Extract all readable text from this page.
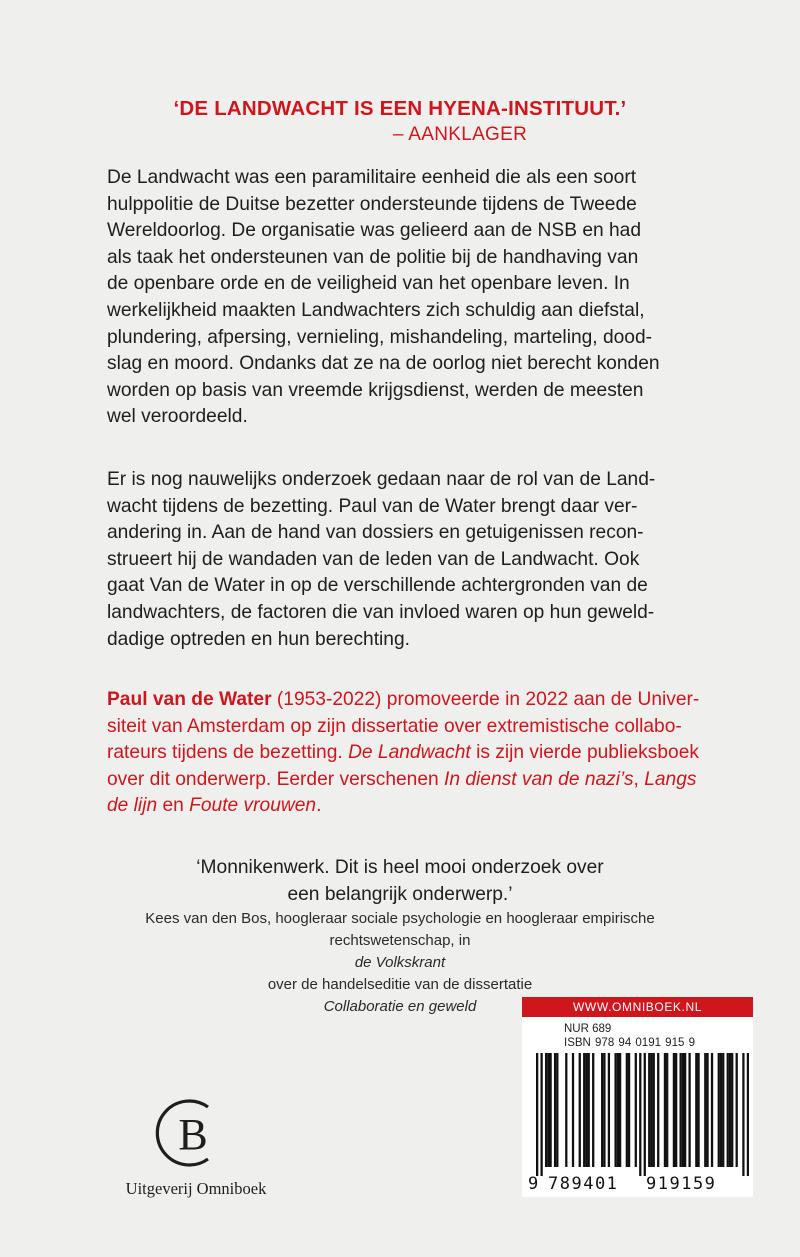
‘DE LANDWACHT IS EEN HYENA-INSTITUUT.’
– AANKLAGER

De Landwacht was een paramilitaire eenheid die als een soort
hulppolitie de Duitse bezetter ondersteunde tijdens de Tweede
Wereldoorlog. De organisatie was gelieerd aan de NSB en had
als taak het ondersteunen van de politie bij de handhaving van
de openbare orde en de veiligheid van het openbare leven. In
werkelijkheid maakten Landwachters zich schuldig aan diefstal,
plundering, afpersing, vernieling, mishandeling, marteling, dood-
slag en moord. Ondanks dat ze na de oorlog niet berecht konden
worden op basis van vreemde krijgsdienst, werden de meesten
wel veroordeeld.

Er is nog nauwelijks onderzoek gedaan naar de rol van de Land-
wacht tijdens de bezetting. Paul van de Water brengt daar ver-
andering in. Aan de hand van dossiers en getuigenissen recon-
strueert hij de wandaden van de leden van de Landwacht. Ook
gaat Van de Water in op de verschillende achtergronden van de
landwachters, de factoren die van invloed waren op hun geweld-
dadige optreden en hun berechting.

Paul van de Water (1953-2022) promoveerde in 2022 aan de Univer-
siteit van Amsterdam op zijn dissertatie over extremistische collabo-
rateurs tijdens de bezetting. De Landwacht is zijn vierde publieksboek
over dit onderwerp. Eerder verschenen In dienst van de nazi’s, Langs
de lijn en Foute vrouwen.

‘Monnikenwerk. Dit is heel mooi onderzoek over
een belangrijk onderwerp.’
Kees van den Bos, hoogleraar sociale psychologie en hoogleraar empirische
rechtswetenschap, in
de Volkskrant
over de handelseditie van de dissertatie
Collaboratie en geweld
B
Uitgeverij Omniboek
WWW.OMNIBOEK.NL
NUR 689
ISBN 978 94 0191 915 9
9 789401 919159
